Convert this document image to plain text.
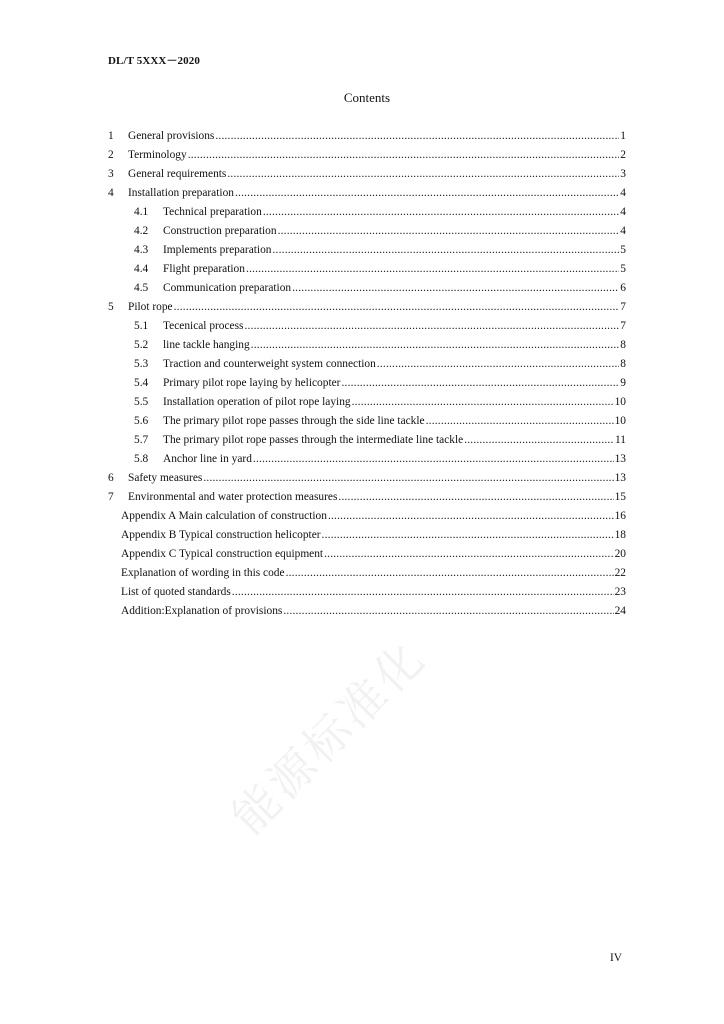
DL/T 5XXX－2020
Contents
1	General provisions .....	1
2	Terminology .....	2
3	General requirements .....	3
4	Installation preparation .....	4
4.1	Technical preparation .....	4
4.2	Construction preparation .....	4
4.3	Implements preparation .....	5
4.4	Flight preparation .....	5
4.5	Communication preparation .....	6
5	Pilot rope .....	7
5.1	Tecenical process .....	7
5.2	line tackle hanging .....	8
5.3	Traction and counterweight system connection .....	8
5.4	Primary pilot rope laying by helicopter .....	9
5.5	Installation operation of pilot rope laying .....	10
5.6	The primary pilot rope passes through the side line tackle .....	10
5.7	The primary pilot rope passes through the intermediate line tackle .....	11
5.8	Anchor line in yard .....	13
6	Safety measures .....	13
7	Environmental and water protection measures .....	15
Appendix A Main calculation of construction .....	16
Appendix B Typical construction helicopter .....	18
Appendix C Typical construction equipment .....	20
Explanation of wording in this code .....	22
List of quoted standards .....	23
Addition:Explanation of provisions .....	24
能源标准化
IV
